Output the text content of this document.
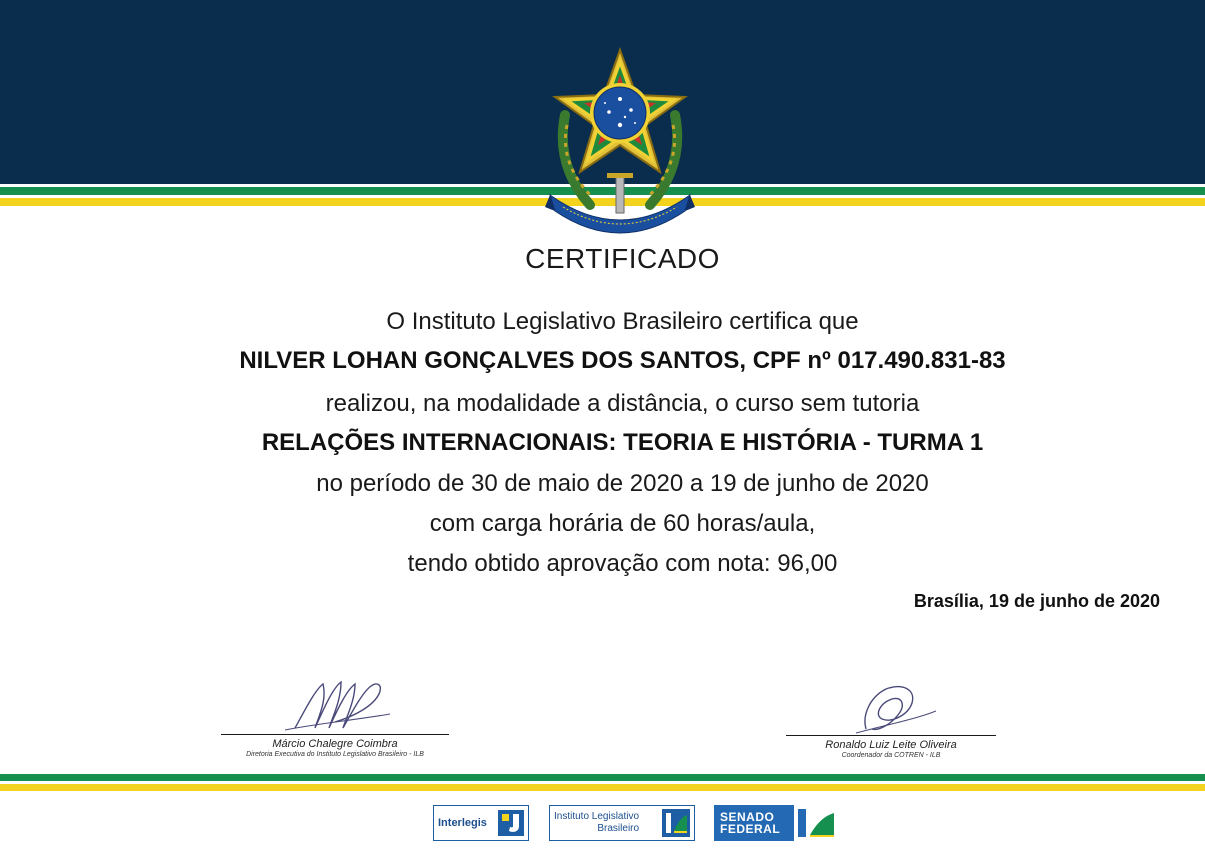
CERTIFICADO
O Instituto Legislativo Brasileiro certifica que
NILVER LOHAN GONÇALVES DOS SANTOS, CPF nº 017.490.831-83
realizou, na modalidade a distância, o curso sem tutoria
RELAÇÕES INTERNACIONAIS: TEORIA E HISTÓRIA - TURMA 1
no período de 30 de maio de 2020 a 19 de junho de 2020
com carga horária de 60 horas/aula,
tendo obtido aprovação com nota: 96,00
Brasília, 19 de junho de 2020
Márcio Chalegre Coimbra
Diretoria Executiva do Instituto Legislativo Brasileiro - ILB
Ronaldo Luiz Leite Oliveira
Coordenador da COTREN - ILB
Interlegis
Instituto Legislativo
Brasileiro
SENADO
FEDERAL
